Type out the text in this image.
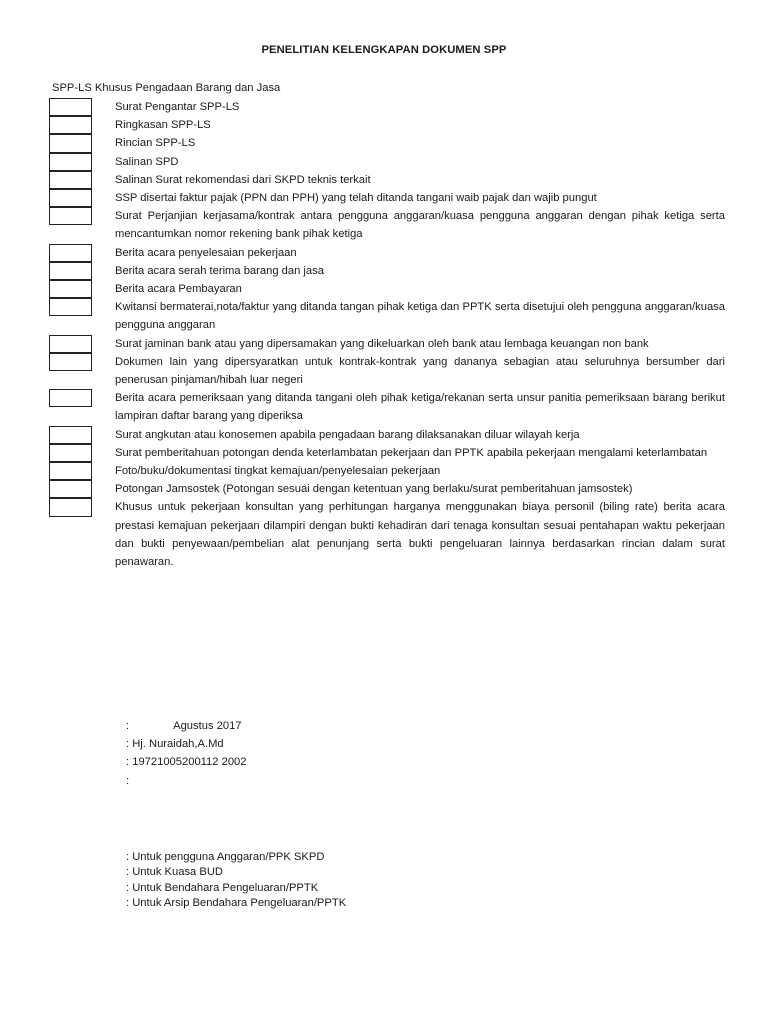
PENELITIAN KELENGKAPAN DOKUMEN SPP
SPP-LS Khusus Pengadaan Barang dan Jasa
Surat Pengantar SPP-LS
Ringkasan SPP-LS
Rincian SPP-LS
Salinan SPD
Salinan Surat rekomendasi dari SKPD teknis terkait
SSP disertai faktur pajak (PPN dan PPH) yang telah ditanda tangani waib pajak dan wajib pungut
Surat Perjanjian kerjasama/kontrak antara pengguna anggaran/kuasa pengguna anggaran dengan pihak ketiga serta mencantumkan nomor rekening bank pihak ketiga
Berita acara penyelesaian pekerjaan
Berita acara serah terima barang dan jasa
Berita acara Pembayaran
Kwitansi bermaterai,nota/faktur yang ditanda tangan pihak ketiga dan PPTK serta disetujui oleh pengguna anggaran/kuasa pengguna anggaran
Surat jaminan bank atau yang dipersamakan yang dikeluarkan oleh bank atau lembaga keuangan non bank
Dokumen lain yang dipersyaratkan untuk kontrak-kontrak yang dananya sebagian atau seluruhnya bersumber dari penerusan pinjaman/hibah luar negeri
Berita acara pemeriksaan yang ditanda tangani oleh pihak ketiga/rekanan serta unsur panitia pemeriksaan barang berikut lampiran daftar barang yang diperiksa
Surat angkutan atau konosemen apabila pengadaan barang dilaksanakan diluar wilayah kerja
Surat pemberitahuan potongan denda keterlambatan pekerjaan dan PPTK apabila pekerjaan mengalami keterlambatan
Foto/buku/dokumentasi tingkat kemajuan/penyelesaian pekerjaan
Potongan Jamsostek (Potongan sesuai dengan ketentuan yang berlaku/surat pemberitahuan jamsostek)
Khusus untuk pekerjaan konsultan yang perhitungan harganya menggunakan biaya personil (biling rate) berita acara prestasi kemajuan pekerjaan dilampiri dengan bukti kehadiran dari tenaga konsultan sesuai pentahapan waktu pekerjaan dan bukti penyewaan/pembelian alat penunjang serta bukti pengeluaran lainnya berdasarkan rincian dalam surat penawaran.
:	Agustus 2017
: Hj. Nuraidah,A.Md
: 19721005200112 2002
:
: Untuk pengguna Anggaran/PPK SKPD
: Untuk Kuasa BUD
: Untuk Bendahara Pengeluaran/PPTK
: Untuk Arsip Bendahara Pengeluaran/PPTK
